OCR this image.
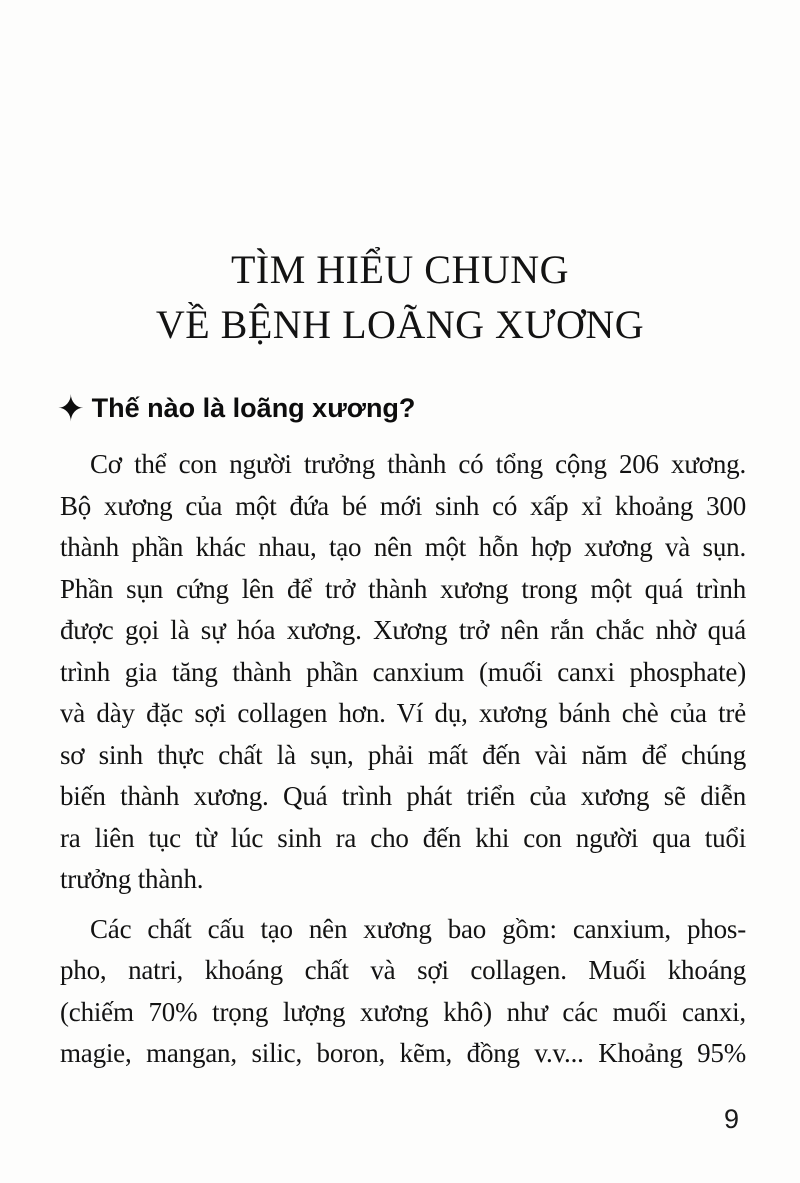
TÌM HIỂU CHUNG
VỀ BỆNH LOÃNG XƯƠNG
✦ Thế nào là loãng xương?
Cơ thể con người trưởng thành có tổng cộng 206 xương.
Bộ xương của một đứa bé mới sinh có xấp xỉ khoảng 300
thành phần khác nhau, tạo nên một hỗn hợp xương và sụn.
Phần sụn cứng lên để trở thành xương trong một quá trình
được gọi là sự hóa xương. Xương trở nên rắn chắc nhờ quá
trình gia tăng thành phần canxium (muối canxi phosphate)
và dày đặc sợi collagen hơn. Ví dụ, xương bánh chè của trẻ
sơ sinh thực chất là sụn, phải mất đến vài năm để chúng
biến thành xương. Quá trình phát triển của xương sẽ diễn
ra liên tục từ lúc sinh ra cho đến khi con người qua tuổi
trưởng thành.
Các chất cấu tạo nên xương bao gồm: canxium, phos-
pho, natri, khoáng chất và sợi collagen. Muối khoáng
(chiếm 70% trọng lượng xương khô) như các muối canxi,
magie, mangan, silic, boron, kẽm, đồng v.v... Khoảng 95%
9
